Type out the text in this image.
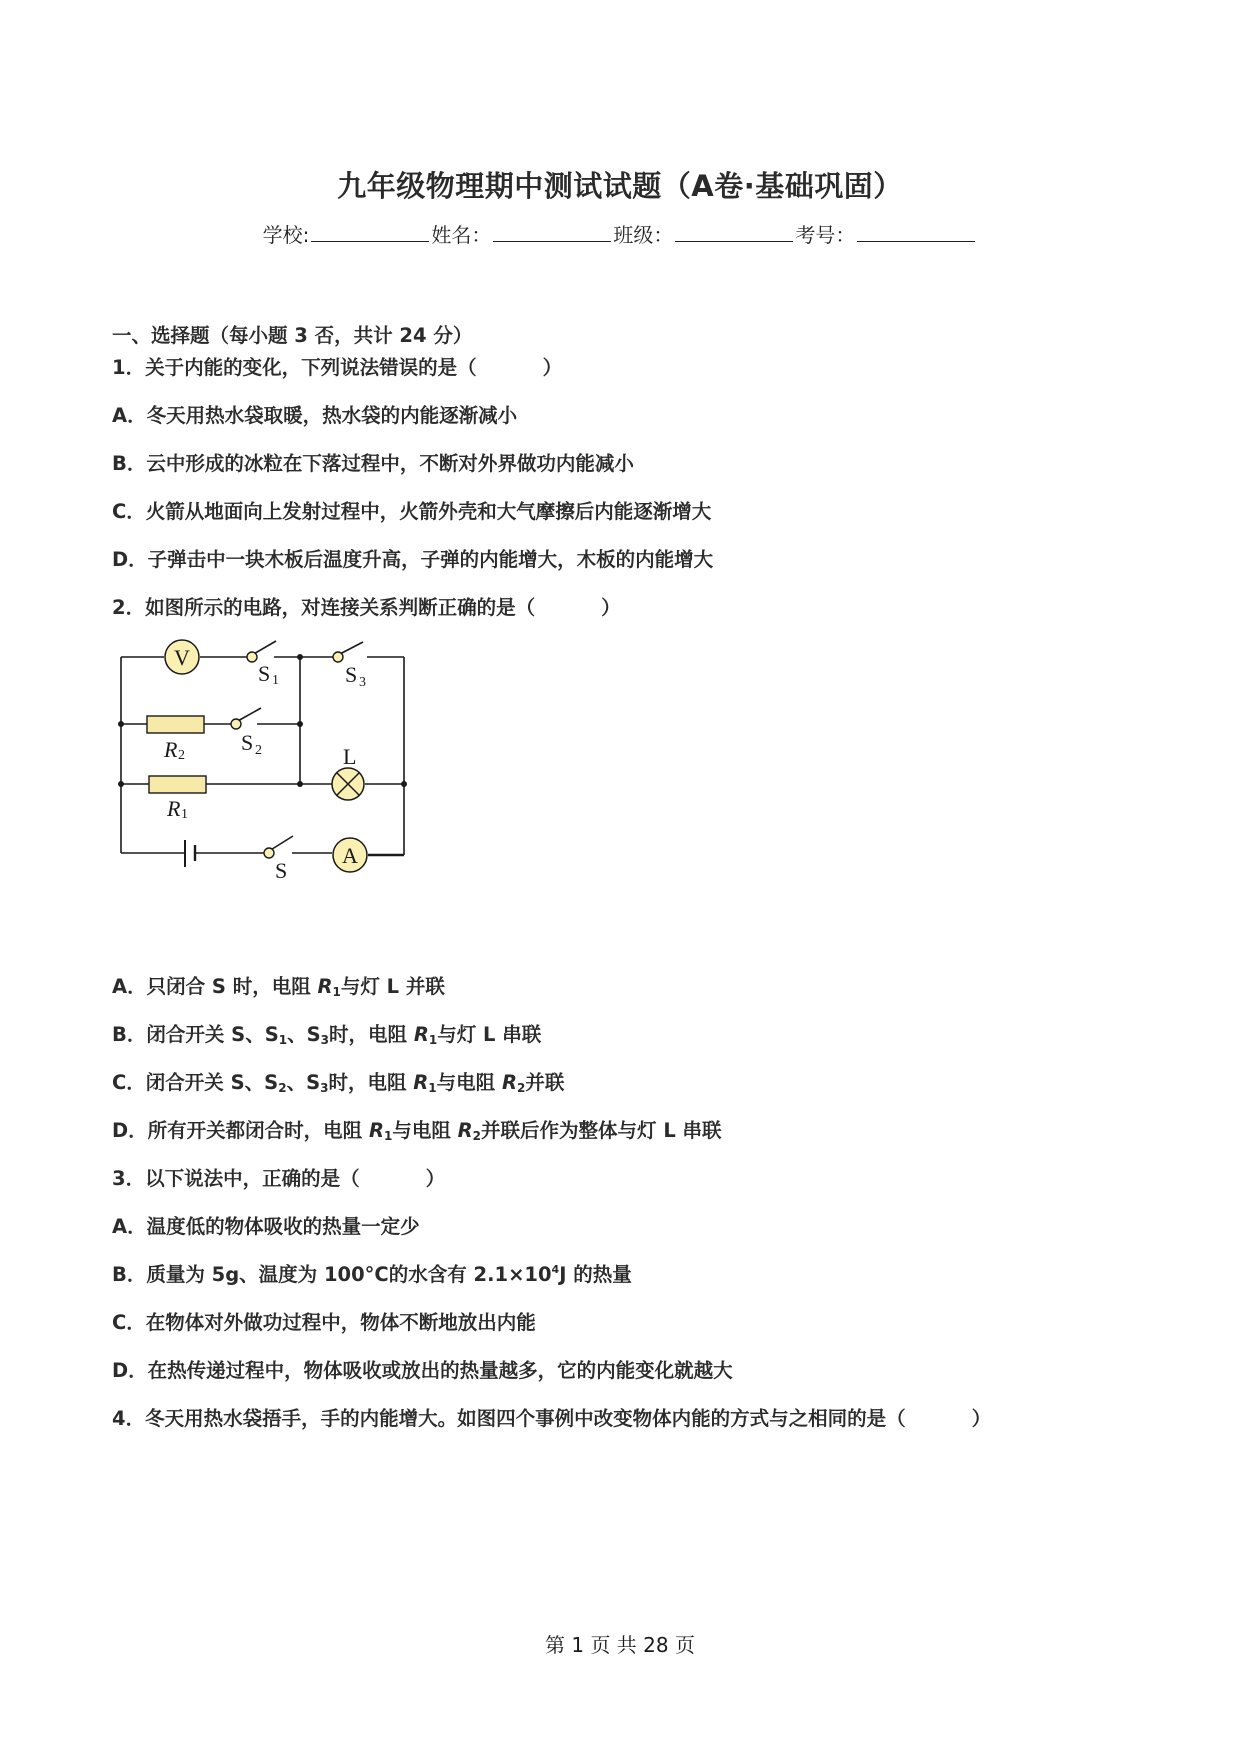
九年级物理期中测试试题（A卷·基础巩固）
学校:	姓名：	班级：	考号：
一、选择题（每小题 3 否，共计 24 分）
1．关于内能的变化，下列说法错误的是（	）
A．冬天用热水袋取暖，热水袋的内能逐渐减小
B．云中形成的冰粒在下落过程中，不断对外界做功内能减小
C．火箭从地面向上发射过程中，火箭外壳和大气摩擦后内能逐渐增大
D．子弹击中一块木板后温度升高，子弹的内能增大，木板的内能增大
2．如图所示的电路，对连接关系判断正确的是（	）
V
A
S 1	S 3
S 2
R 2
R 1
L
S
A．只闭合 S 时，电阻 $R_1$与灯 L 并联
B．闭合开关 S、$S_1$、$S_3$时，电阻 $R_1$与灯 L 串联
C．闭合开关 S、$S_2$、$S_3$时，电阻 $R_1$与电阻 $R_2$并联
D．所有开关都闭合时，电阻 $R_1$与电阻 $R_2$并联后作为整体与灯 L 串联
3．以下说法中，正确的是（	）
A．温度低的物体吸收的热量一定少
B．质量为 5g、温度为 100°C的水含有 $2.1\times 10^4J$ 的热量
C．在物体对外做功过程中，物体不断地放出内能
D．在热传递过程中，物体吸收或放出的热量越多，它的内能变化就越大
4．冬天用热水袋捂手，手的内能增大。如图四个事例中改变物体内能的方式与之相同的是（	）
第 1 页 共 28 页
